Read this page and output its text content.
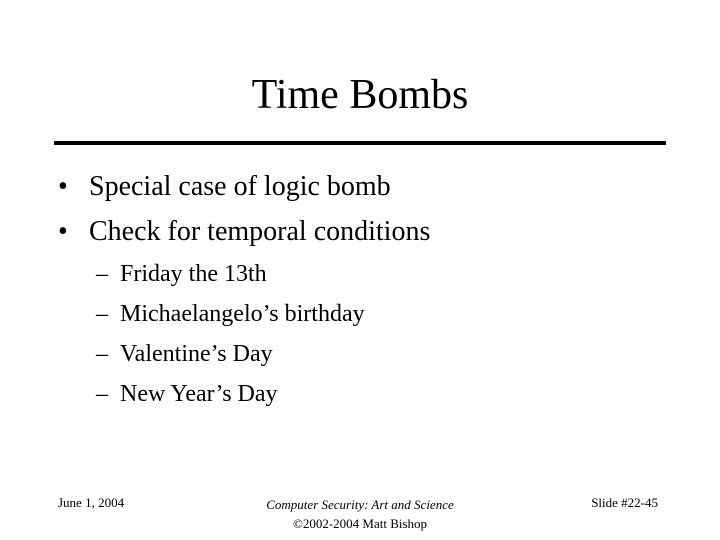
Time Bombs
• Special case of logic bomb
• Check for temporal conditions
– Friday the 13th
– Michaelangelo’s birthday
– Valentine’s Day
– New Year’s Day
June 1, 2004	Computer Security: Art and Science
©2002-2004 Matt Bishop
Slide #22-45
